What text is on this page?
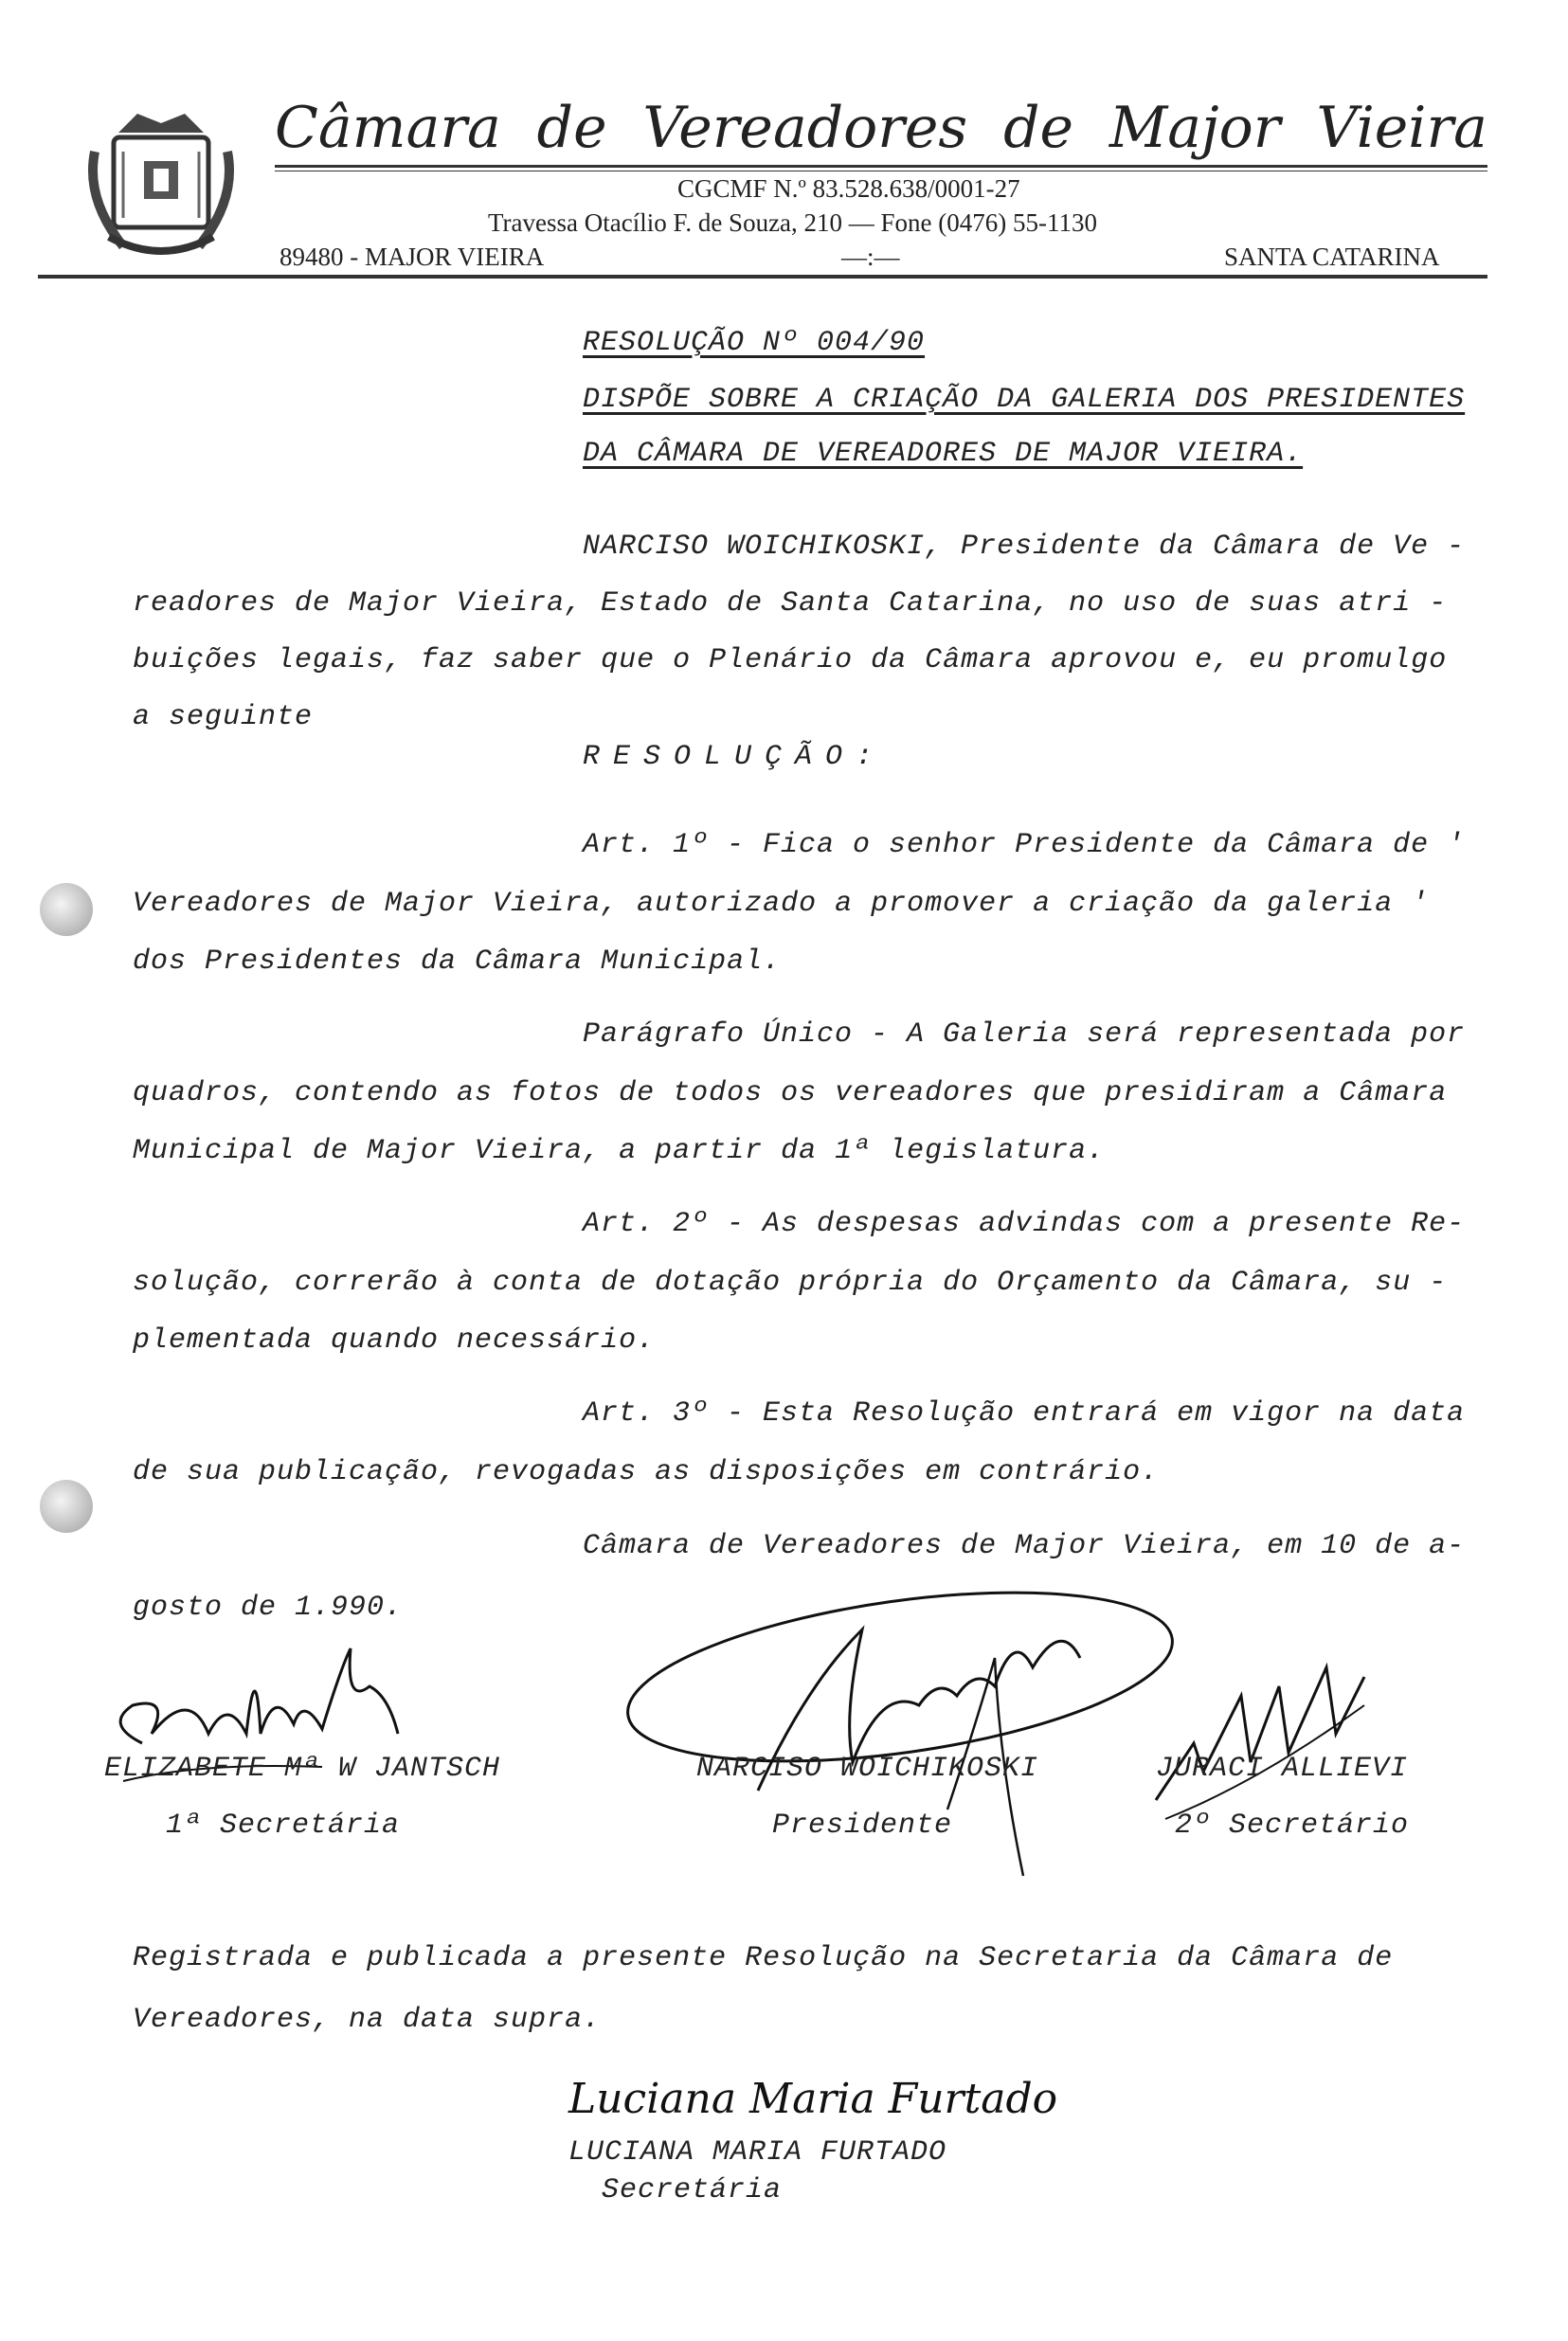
Câmara de Vereadores de Major Vieira
CGCMF N.º 83.528.638/0001-27
Travessa Otacílio F. de Souza, 210 — Fone (0476) 55-1130
89480 - MAJOR VIEIRA	—:—	SANTA CATARINA
RESOLUÇÃO Nº 004/90
DISPÕE SOBRE A CRIAÇÃO DA GALERIA DOS PRESIDENTES
DA CÂMARA DE VEREADORES DE MAJOR VIEIRA.
NARCISO WOICHIKOSKI, Presidente da Câmara de Ve -
readores de Major Vieira, Estado de Santa Catarina, no uso de suas atri -
buições legais, faz saber que o Plenário da Câmara aprovou e, eu promulgo
a seguinte
RESOLUÇÃO:
Art. 1º - Fica o senhor Presidente da Câmara de '
Vereadores de Major Vieira, autorizado a promover a criação da galeria '
dos Presidentes da Câmara Municipal.
Parágrafo Único - A Galeria será representada por
quadros, contendo as fotos de todos os vereadores que presidiram a Câmara
Municipal de Major Vieira, a partir da 1ª legislatura.
Art. 2º - As despesas advindas com a presente Re-
solução, correrão à conta de dotação própria do Orçamento da Câmara, su -
plementada quando necessário.
Art. 3º - Esta Resolução entrará em vigor na data
de sua publicação, revogadas as disposições em contrário.
Câmara de Vereadores de Major Vieira, em 10 de a-
gosto de 1.990.
ELIZABETE Mª W JANTSCH
1ª Secretária
NARCISO WOICHIKOSKI
Presidente
JURACI ALLIEVI
2º Secretário
Registrada e publicada a presente Resolução na Secretaria da Câmara de
Vereadores, na data supra.
Luciana Maria Furtado
LUCIANA MARIA FURTADO
Secretária
